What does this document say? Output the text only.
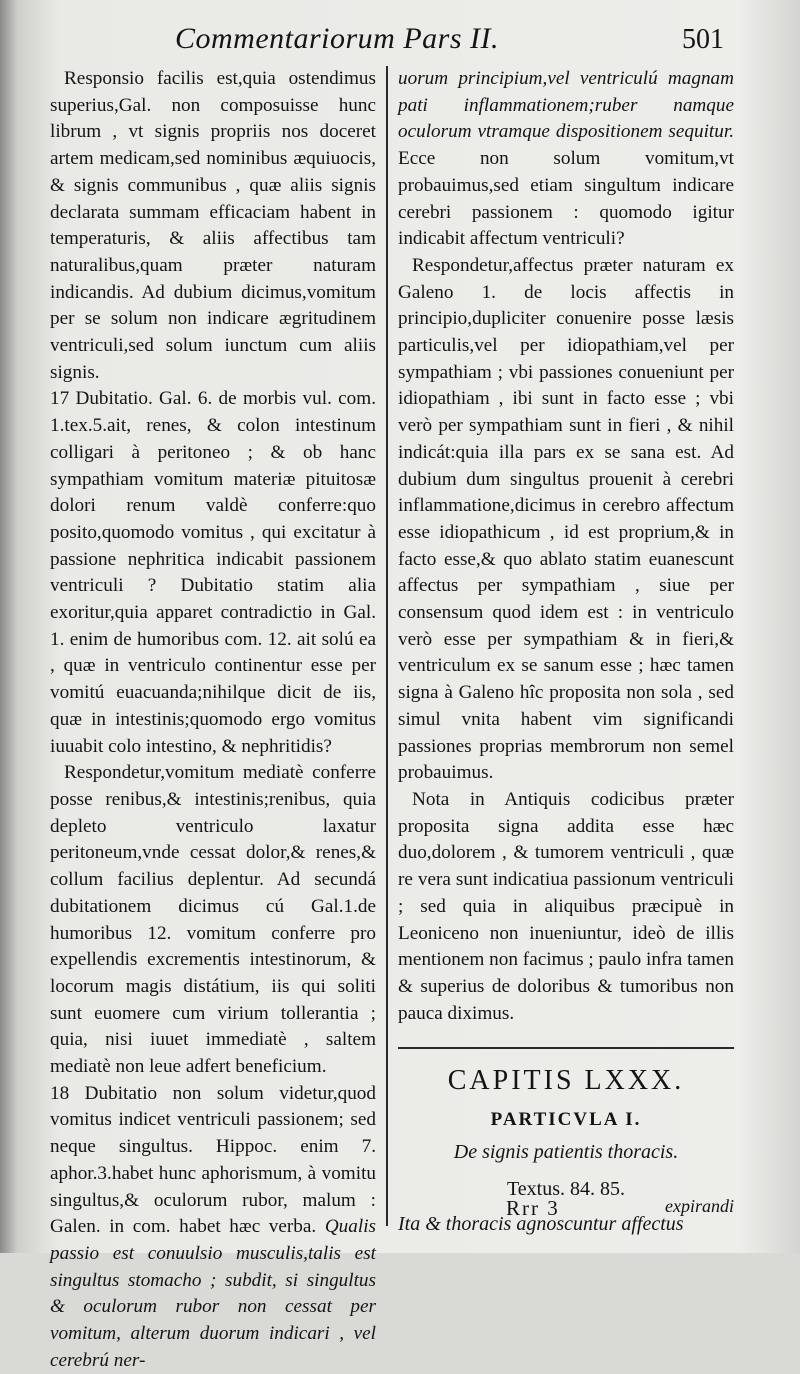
Commentariorum Pars II.	501

Responsio facilis est,quia ostendimus superius,Gal. non composuisse hunc librum , vt signis propriis nos doceret artem medicam,sed nominibus æquiuocis, & signis communibus , quæ aliis signis declarata summam efficaciam habent in temperaturis, & aliis affectibus tam naturalibus,quam præter naturam indicandis. Ad dubium dicimus,vomitum per se solum non indicare ægritudinem ventriculi,sed solum iunctum cum aliis signis.

17 Dubitatio. Gal. 6. de morbis vul. com. 1.tex.5.ait, renes, & colon intestinum colligari à peritoneo ; & ob hanc sympathiam vomitum materiæ pituitosæ dolori renum valdè conferre:quo posito,quomodo vomitus , qui excitatur à passione nephritica indicabit passionem ventriculi ? Dubitatio statim alia exoritur,quia apparet contradictio in Gal. 1. enim de humoribus com. 12. ait solú ea , quæ in ventriculo continentur esse per vomitú euacuanda;nihilque dicit de iis, quæ in intestinis;quomodo ergo vomitus iuuabit colo intestino, & nephritidis?

Respondetur,vomitum mediatè conferre posse renibus,& intestinis;renibus, quia depleto ventriculo laxatur peritoneum,vnde cessat dolor,& renes,& collum facilius deplentur. Ad secundá dubitationem dicimus cú Gal.1.de humoribus 12. vomitum conferre pro expellendis excrementis intestinorum, & locorum magis distátium, iis qui soliti sunt euomere cum virium tollerantia ; quia, nisi iuuet immediatè , saltem mediatè non leue adfert beneficium.

18 Dubitatio non solum videtur,quod vomitus indicet ventriculi passionem; sed neque singultus. Hippoc. enim 7. aphor.3.habet hunc aphorismum, à vomitu singultus,& oculorum rubor, malum : Galen. in com. habet hæc verba. Qualis passio est conuulsio musculis,talis est singultus stomacho ; subdit, si singultus & oculorum rubor non cessat per vomitum, alterum duorum indicari , vel cerebrú ner-

uorum principium,vel ventriculú magnam pati inflammationem;ruber namque oculorum vtramque dispositionem sequitur. Ecce non solum vomitum,vt probauimus,sed etiam singultum indicare cerebri passionem : quomodo igitur indicabit affectum ventriculi?

Respondetur,affectus præter naturam ex Galeno 1. de locis affectis in principio,dupliciter conuenire posse læsis particulis,vel per idiopathiam,vel per sympathiam ; vbi passiones conueniunt per idiopathiam , ibi sunt in facto esse ; vbi verò per sympathiam sunt in fieri , & nihil indicát:quia illa pars ex se sana est. Ad dubium dum singultus prouenit à cerebri inflammatione,dicimus in cerebro affectum esse idiopathicum , id est proprium,& in facto esse,& quo ablato statim euanescunt affectus per sympathiam , siue per consensum quod idem est : in ventriculo verò esse per sympathiam & in fieri,& ventriculum ex se sanum esse ; hæc tamen signa à Galeno hîc proposita non sola , sed simul vnita habent vim significandi passiones proprias membrorum non semel probauimus.

Nota in Antiquis codicibus præter proposita signa addita esse hæc duo,dolorem , & tumorem ventriculi , quæ re vera sunt indicatiua passionum ventriculi ; sed quia in aliquibus præcipuè in Leoniceno non inueniuntur, ideò de illis mentionem non facimus ; paulo infra tamen & superius de doloribus & tumoribus non pauca diximus.

CAPITIS LXXX.
PARTICVLA I.
De signis patientis thoracis.
Textus. 84. 85.

Ita & thoracis agnoscuntur affectus

Rrr 3	expirandi
